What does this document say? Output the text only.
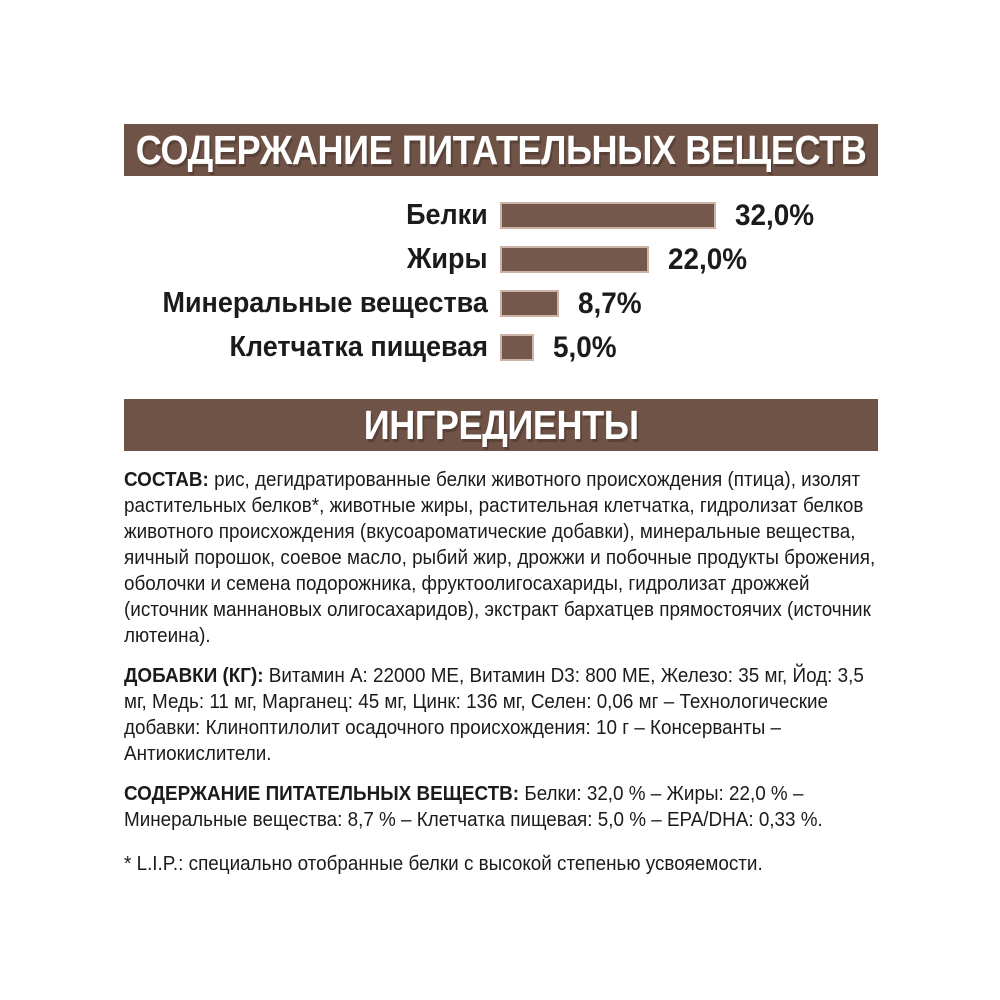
СОДЕРЖАНИЕ ПИТАТЕЛЬНЫХ ВЕЩЕСТВ
Белки	32,0%
Жиры	22,0%
Минеральные вещества	8,7%
Клетчатка пищевая 5,0%
ИНГРЕДИЕНТЫ

СОСТАВ: рис, дегидратированные белки животного происхождения (птица), изолят растительных белков*, животные жиры, растительная клетчатка, гидролизат белков животного происхождения (вкусоароматические добавки), минеральные вещества, яичный порошок, соевое масло, рыбий жир, дрожжи и побочные продукты брожения, оболочки и семена подорожника, фруктоолигосахариды, гидролизат дрожжей (источник маннановых олигосахаридов), экстракт бархатцев прямостоячих (источник лютеина).

ДОБАВКИ (КГ): Витамин А: 22000 МЕ, Витамин D3: 800 МЕ, Железо: 35 мг, Йод: 3,5 мг, Медь: 11 мг, Марганец: 45 мг, Цинк: 136 мг, Селен: 0,06 мг – Технологические добавки: Клиноптилолит осадочного происхождения: 10 г – Консерванты – Антиокислители.

СОДЕРЖАНИЕ ПИТАТЕЛЬНЫХ ВЕЩЕСТВ: Белки: 32,0 % – Жиры: 22,0 % – Минеральные вещества: 8,7 % – Клетчатка пищевая: 5,0 % – EPA/DHA: 0,33 %.

* L.I.P.: специально отобранные белки с высокой степенью усвояемости.
